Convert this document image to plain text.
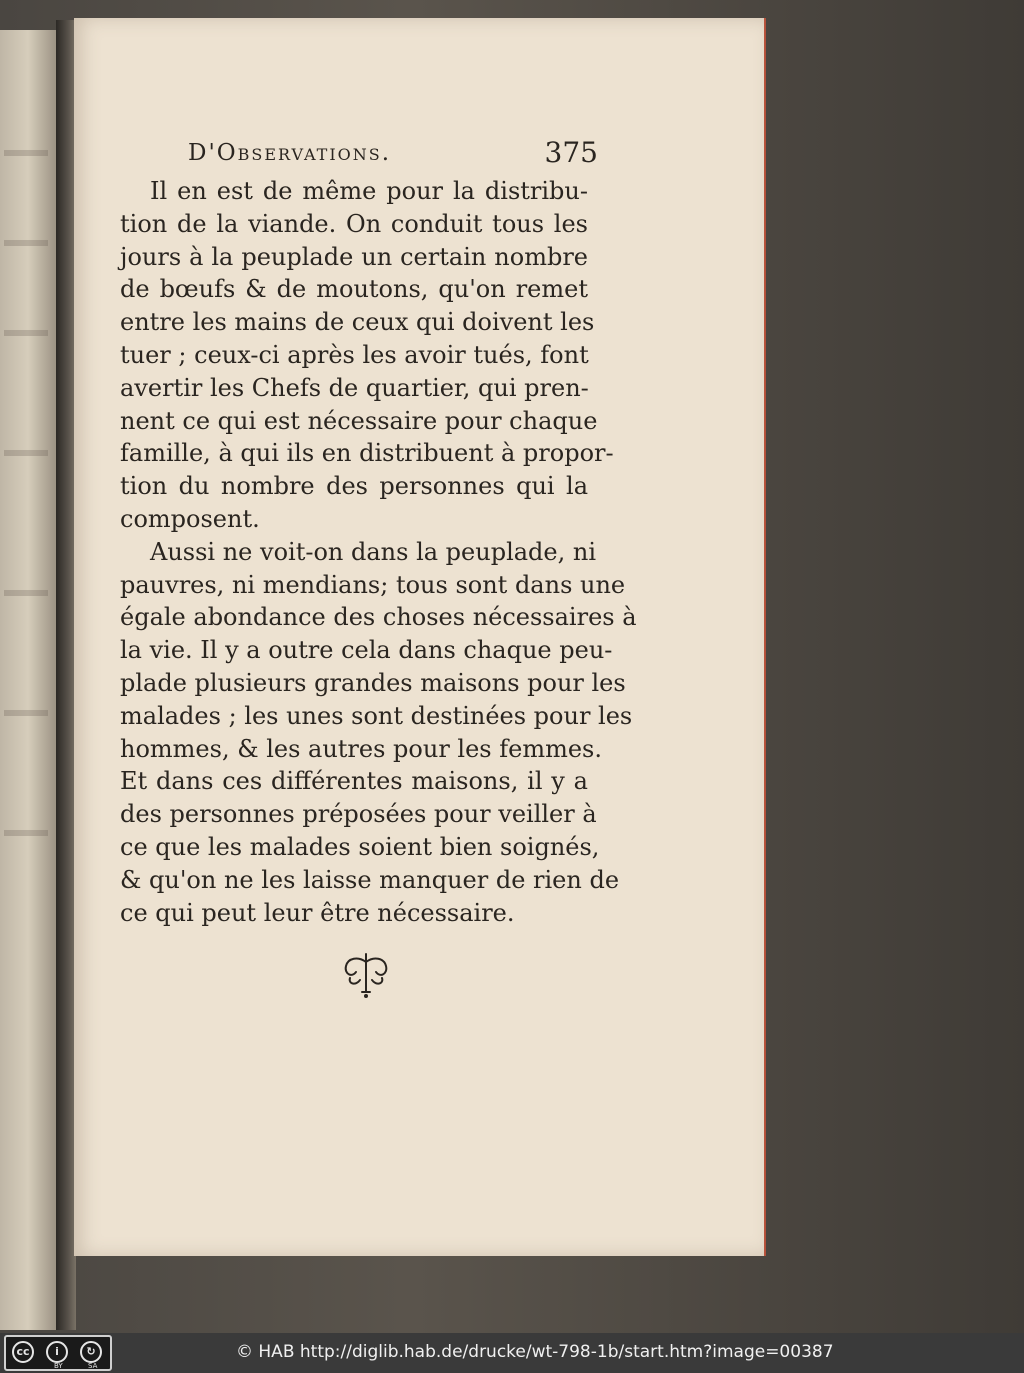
D'Observations.	375
Il en est de même pour la distribu-
tion de la viande. On conduit tous les
jours à la peuplade un certain nombre
de bœufs & de moutons, qu'on remet
entre les mains de ceux qui doivent les
tuer ; ceux-ci après les avoir tués, font
avertir les Chefs de quartier, qui pren-
nent ce qui est nécessaire pour chaque
famille, à qui ils en distribuent à propor-
tion du nombre des personnes qui la
composent.
Aussi ne voit-on dans la peuplade, ni
pauvres, ni mendians; tous sont dans une
égale abondance des choses nécessaires à
la vie. Il y a outre cela dans chaque peu-
plade plusieurs grandes maisons pour les
malades ; les unes sont destinées pour les
hommes, & les autres pour les femmes.
Et dans ces différentes maisons, il y a
des personnes préposées pour veiller à
ce que les malades soient bien soignés,
& qu'on ne les laisse manquer de rien de
ce qui peut leur être nécessaire.
cc	i	↻
BY	SA
© HAB http://diglib.hab.de/drucke/wt-798-1b/start.htm?image=00387
